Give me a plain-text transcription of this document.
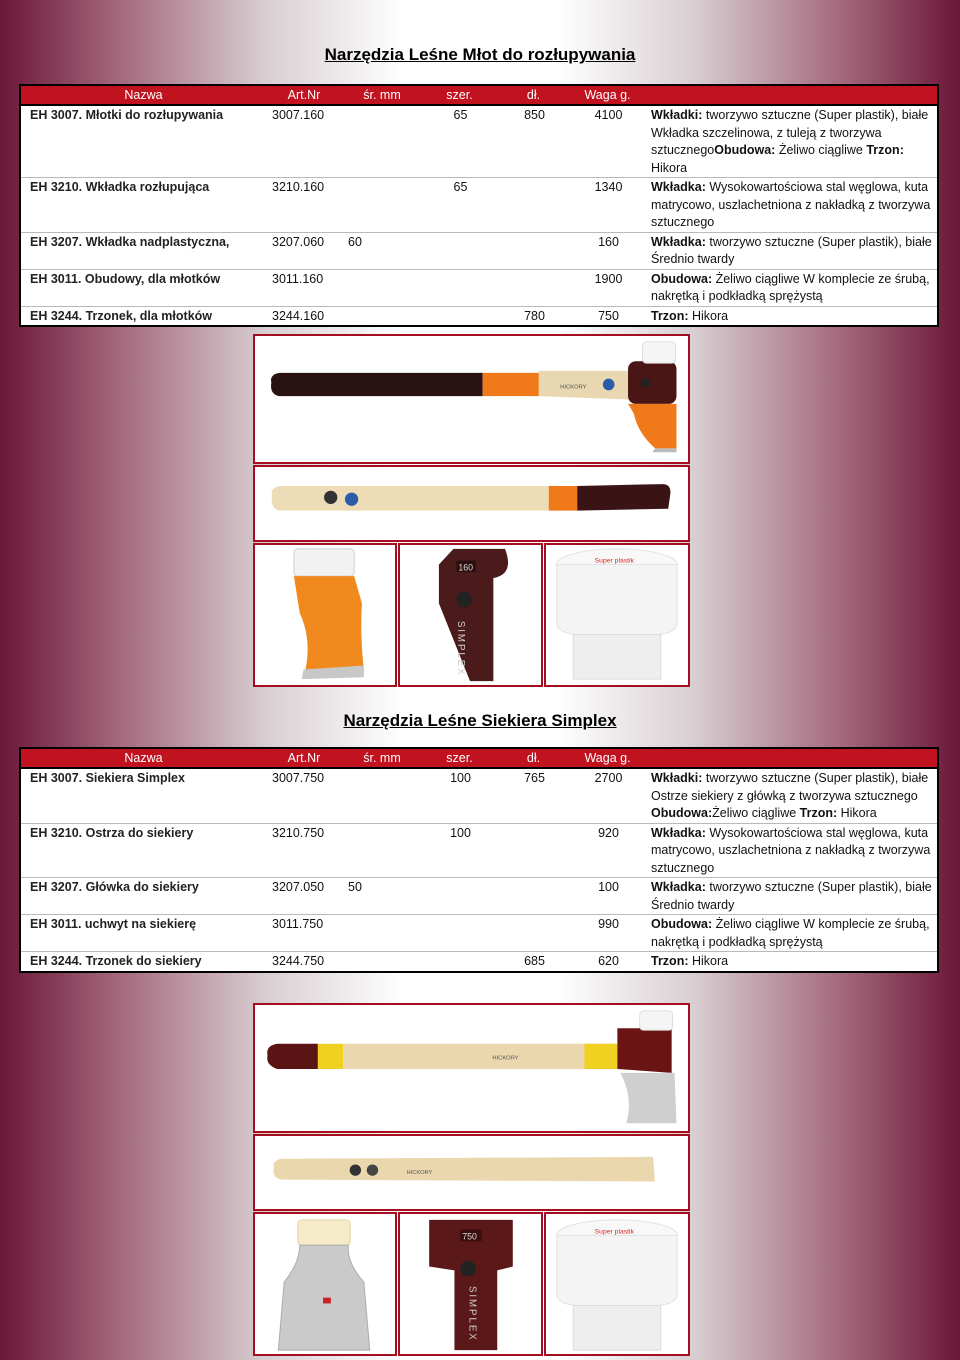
Narzędzia Leśne Młot do rozłupywania
Nazwa	Art.Nr	śr. mm	szer.	dł.	Waga g.	
EH 3007. Młotki do rozłupywania	3007.160		65	850	4100	Wkładki: tworzywo sztuczne (Super plastik), białe Wkładka szczelinowa, z tuleją z tworzywa sztucznegoObudowa: Żeliwo ciągliwe Trzon: Hikora
EH 3210. Wkładka rozłupująca	3210.160		65		1340	Wkładka: Wysokowartościowa stal węglowa, kuta matrycowo, uszlachetniona z nakładką z tworzywa sztucznego
EH 3207. Wkładka nadplastyczna,	3207.060	60			160	Wkładka: tworzywo sztuczne (Super plastik), białe Średnio twardy
EH 3011. Obudowy, dla młotków	3011.160				1900	Obudowa: Żeliwo ciągliwe W komplecie ze śrubą, nakrętką i podkładką sprężystą
EH 3244. Trzonek, dla młotków	3244.160			780	750	Trzon: Hikora
HICKORY
160
SIMPLEX
Super plastik
Narzędzia Leśne Siekiera Simplex
Nazwa	Art.Nr	śr. mm	szer.	dł.	Waga g.	
EH 3007. Siekiera Simplex	3007.750		100	765	2700	Wkładki: tworzywo sztuczne (Super plastik), białe Ostrze siekiery z główką z tworzywa sztucznego Obudowa:Żeliwo ciągliwe Trzon: Hikora
EH 3210. Ostrza do siekiery	3210.750		100		920	Wkładka: Wysokowartościowa stal węglowa, kuta matrycowo, uszlachetniona z nakładką z tworzywa sztucznego
EH 3207. Główka do siekiery	3207.050	50			100	Wkładka: tworzywo sztuczne (Super plastik), białe Średnio twardy
EH 3011. uchwyt na siekierę	3011.750				990	Obudowa: Żeliwo ciągliwe W komplecie ze śrubą, nakrętką i podkładką sprężystą
EH 3244. Trzonek do siekiery	3244.750			685	620	Trzon: Hikora
HICKORY
HICKORY
750
SIMPLEX
Super plastik
